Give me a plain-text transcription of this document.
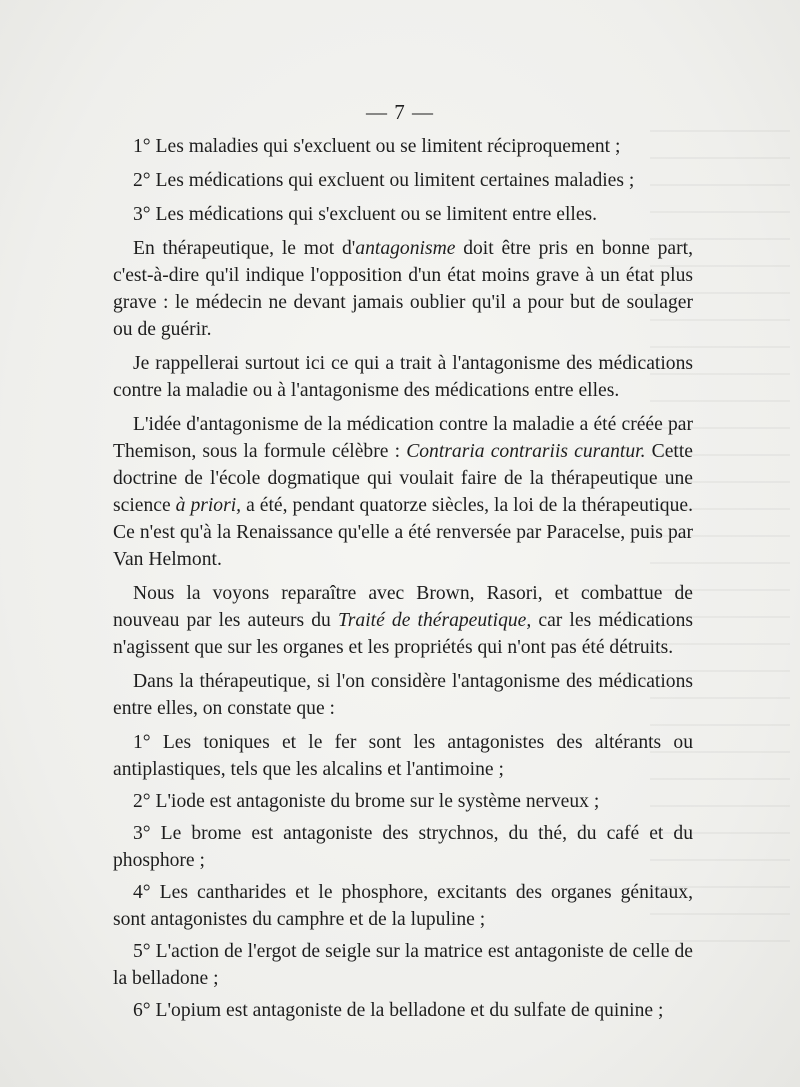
— 7 —

1° Les maladies qui s'excluent ou se limitent réciproquement ;

2° Les médications qui excluent ou limitent certaines maladies ;

3° Les médications qui s'excluent ou se limitent entre elles.

En thérapeutique, le mot d'antagonisme doit être pris en bonne part, c'est-à-dire qu'il indique l'opposition d'un état moins grave à un état plus grave : le médecin ne devant jamais oublier qu'il a pour but de soulager ou de guérir.

Je rappellerai surtout ici ce qui a trait à l'antagonisme des médications contre la maladie ou à l'antagonisme des médications entre elles.

L'idée d'antagonisme de la médication contre la maladie a été créée par Themison, sous la formule célèbre : Contraria contrariis curantur. Cette doctrine de l'école dogmatique qui voulait faire de la thérapeutique une science à priori, a été, pendant quatorze siècles, la loi de la thérapeutique. Ce n'est qu'à la Renaissance qu'elle a été renversée par Paracelse, puis par Van Helmont.

Nous la voyons reparaître avec Brown, Rasori, et combattue de nouveau par les auteurs du Traité de thérapeutique, car les médications n'agissent que sur les organes et les propriétés qui n'ont pas été détruits.

Dans la thérapeutique, si l'on considère l'antagonisme des médications entre elles, on constate que :

1° Les toniques et le fer sont les antagonistes des altérants ou antiplastiques, tels que les alcalins et l'antimoine ;

2° L'iode est antagoniste du brome sur le système nerveux ;

3° Le brome est antagoniste des strychnos, du thé, du café et du phosphore ;

4° Les cantharides et le phosphore, excitants des organes génitaux, sont antagonistes du camphre et de la lupuline ;

5° L'action de l'ergot de seigle sur la matrice est antagoniste de celle de la belladone ;

6° L'opium est antagoniste de la belladone et du sulfate de quinine ;
